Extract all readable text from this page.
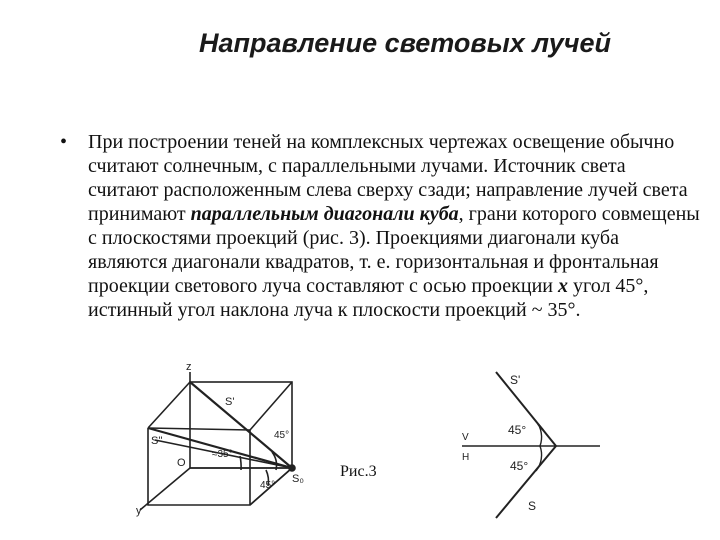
Направление световых лучей
• При построении теней на комплексных чертежах освещение обычно считают солнечным, с параллельными лучами. Источник света считают расположенным слева сверху сзади; направление лучей света принимают параллельным диагонали куба, грани которого совмещены с плоскостями проекций (рис. 3). Проекциями диагонали куба являются диагонали квадратов, т. е. горизонтальная и фронтальная проекции светового луча составляют с осью проекции x угол 45°, истинный угол наклона луча к плоскости проекций ~ 35°.
z
y
O
S'
S''
S₀
45°
≈35°
45°
S'
V
H
45°
45°
S
Рис.3
